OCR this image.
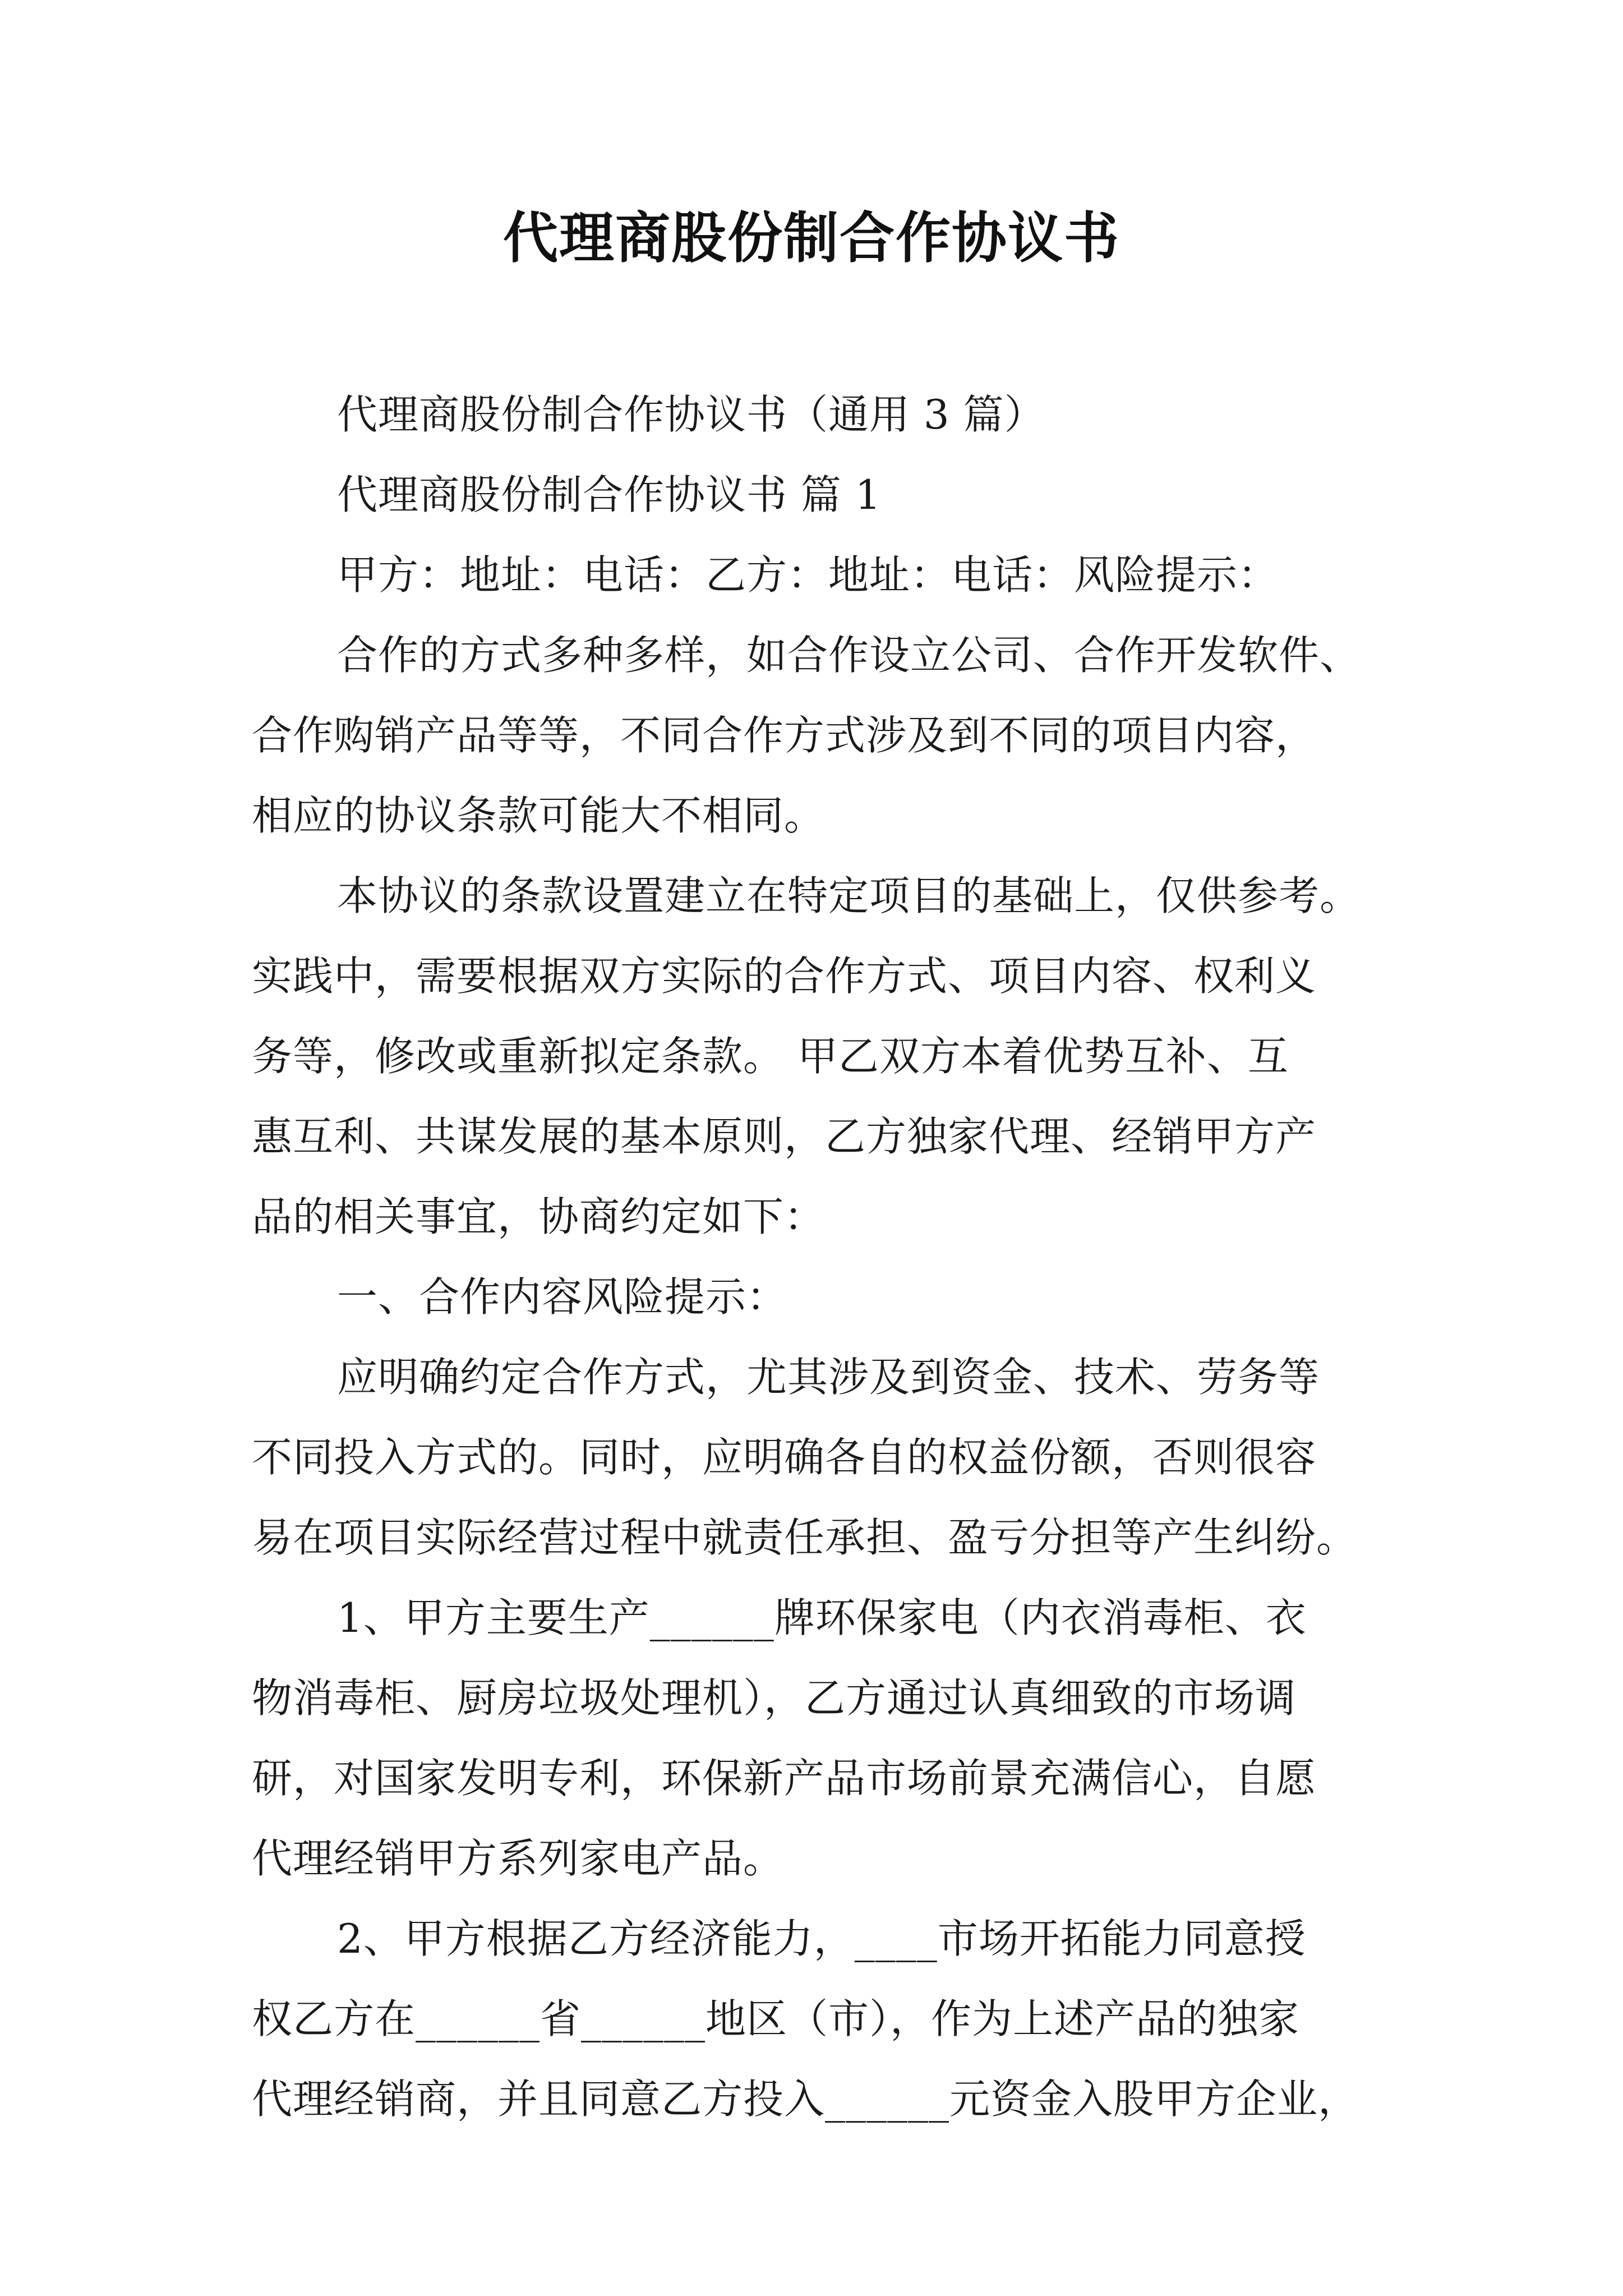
代理商股份制合作协议书
代理商股份制合作协议书（通用 3 篇）
代理商股份制合作协议书 篇 1
甲方：地址：电话：乙方：地址：电话：风险提示：
合作的方式多种多样，如合作设立公司、合作开发软件、
合作购销产品等等，不同合作方式涉及到不同的项目内容，
相应的协议条款可能大不相同。
本协议的条款设置建立在特定项目的基础上，仅供参考。
实践中，需要根据双方实际的合作方式、项目内容、权利义
务等，修改或重新拟定条款。 甲乙双方本着优势互补、互
惠互利、共谋发展的基本原则，乙方独家代理、经销甲方产
品的相关事宜，协商约定如下：
一、合作内容风险提示：
应明确约定合作方式，尤其涉及到资金、技术、劳务等
不同投入方式的。同时，应明确各自的权益份额，否则很容
易在项目实际经营过程中就责任承担、盈亏分担等产生纠纷。
1、甲方主要生产______牌环保家电（内衣消毒柜、衣
物消毒柜、厨房垃圾处理机），乙方通过认真细致的市场调
研，对国家发明专利，环保新产品市场前景充满信心，自愿
代理经销甲方系列家电产品。
2、甲方根据乙方经济能力，____市场开拓能力同意授
权乙方在______省______地区（市），作为上述产品的独家
代理经销商，并且同意乙方投入______元资金入股甲方企业，
